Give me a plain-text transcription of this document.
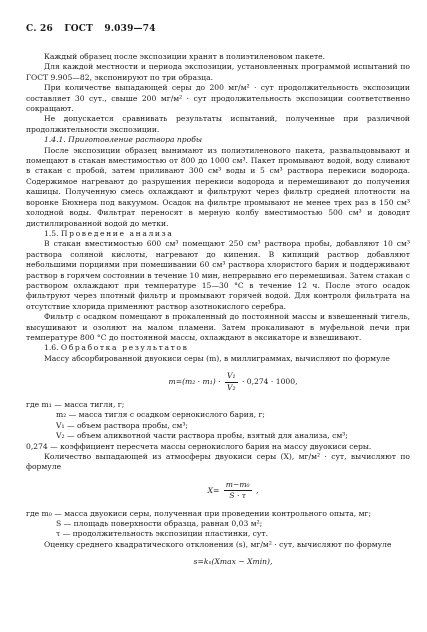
С. 26 ГОСТ 9.039—74

Каждый образец после экспозиции хранят в полиэтиленовом пакете.

Для каждой местности и периода экспозиции, установленных программой испытаний по ГОСТ 9.905—82, экспонируют по три образца.

При количестве выпадающей серы до 200 мг/м² · сут продолжительность экспозиции составляет 30 сут., свыше 200 мг/м² · сут продолжительность экспозиции соответственно сокращают.

Не допускается сравнивать результаты испытаний, полученные при различной продолжительности экспозиции.

1.4.1. Приготовление раствора пробы

После экспозиции образец вынимают из полиэтиленового пакета, развальцовывают и помещают в стакан вместимостью от 800 до 1000 см³. Пакет промывают водой, воду сливают в стакан с пробой, затем приливают 300 см³ воды и 5 см³ раствора перекиси водорода. Содержимое нагревают до разрушения перекиси водорода и перемешивают до получения кашицы. Полученную смесь охлаждают и фильтруют через фильтр средней плотности на воронке Бюхнера под вакуумом. Осадок на фильтре промывают не менее трех раз в 150 см³ холодной воды. Фильтрат переносят в мерную колбу вместимостью 500 см³ и доводят дистиллированной водой до метки.

1.5. Проведение анализа

В стакан вместимостью 600 см³ помещают 250 см³ раствора пробы, добавляют 10 см³ раствора соляной кислоты, нагревают до кипения. В кипящий раствор добавляют небольшими порциями при помешивании 60 см³ раствора хлористого бария и поддерживают раствор в горячем состоянии в течение 10 мин, непрерывно его перемешивая. Затем стакан с раствором охлаждают при температуре 15—30 °С в течение 12 ч. После этого осадок фильтруют через плотный фильтр и промывают горячей водой. Для контроля фильтрата на отсутствие хлорида применяют раствор азотнокислого серебра.

Фильтр с осадком помещают в прокаленный до постоянной массы и взвешенный тигель, высушивают и озоляют на малом пламени. Затем прокаливают в муфельной печи при температуре 800 °С до постоянной массы, охлаждают в эксикаторе и взвешивают.

1.6. Обработка результатов

Массу абсорбированной двуокиси серы (m), в миллиграммах, вычисляют по формуле

$m=(m_2 \cdot m_1) \cdot \frac{\text{V₁}}{\text{V₂}} \cdot 0,274 \cdot 1000$,

где m₁ — масса тигля, г;

m₂ — масса тигля с осадком сернокислого бария, г;

V₁ — объем раствора пробы, см³;

V₂ — объем аликвотной части раствора пробы, взятый для анализа, см³;

0,274 — коэффициент пересчета массы сернокислого бария на массу двуокиси серы.

Количество выпадающей из атмосферы двуокиси серы (X), мг/м² · сут, вычисляют по формуле

$X= \frac{\text{m−m₀}}{S \cdot \tau}$ ,

где m₀ — масса двуокиси серы, полученная при проведении контрольного опыта, мг;

S — площадь поверхности образца, равная 0,03 м²;

τ — продолжительность экспозиции пластинки, сут.

Оценку среднего квадратического отклонения (s), мг/м² · сут, вычисляют по формуле

s=kₙ(Xmax − Xmin),
